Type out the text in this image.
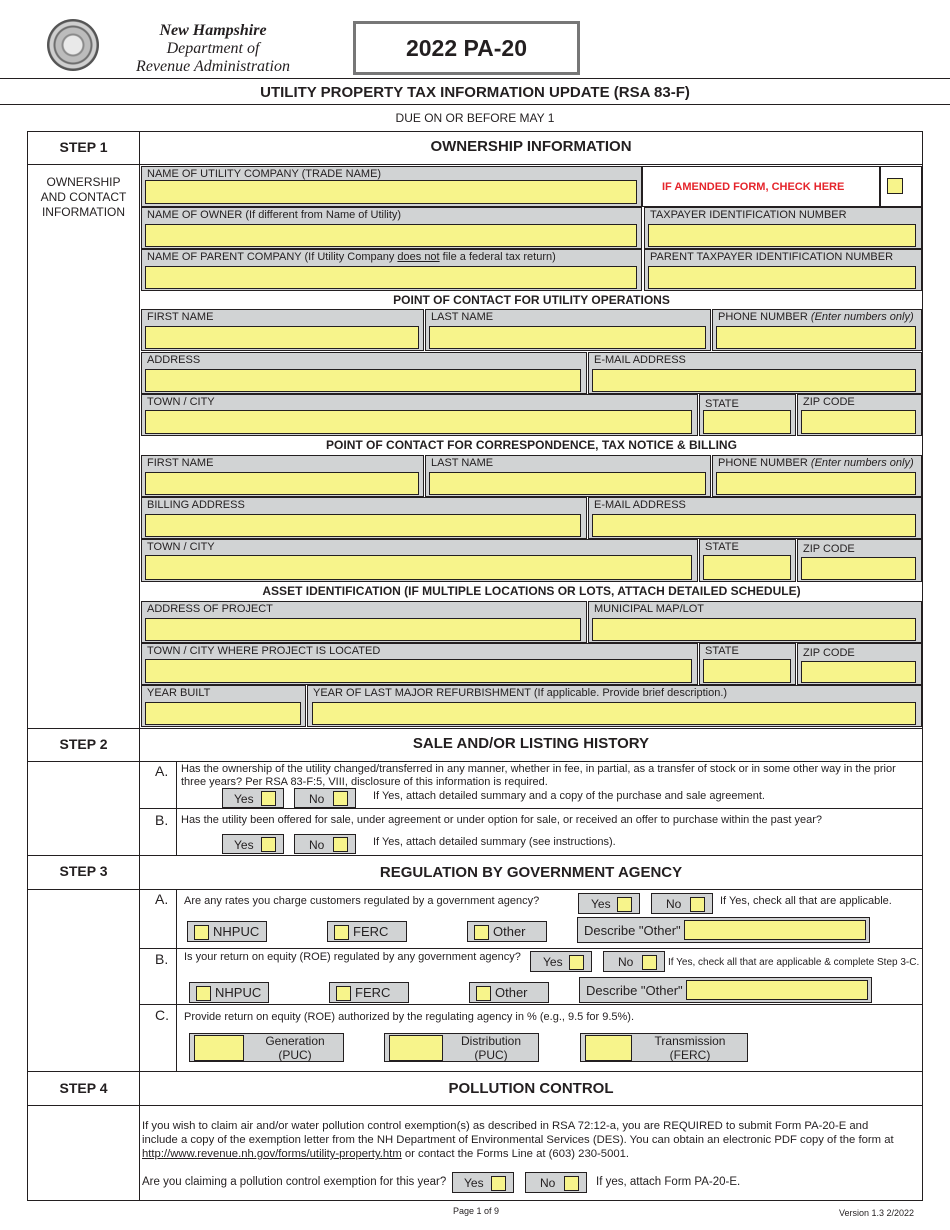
New Hampshire
Department of
Revenue Administration
2022 PA-20
UTILITY PROPERTY TAX INFORMATION UPDATE (RSA 83-F)
DUE ON OR BEFORE MAY 1
STEP 1	OWNERSHIP INFORMATION
OWNERSHIP
AND CONTACT
INFORMATION
NAME OF UTILITY COMPANY (TRADE NAME)
IF AMENDED FORM, CHECK HERE
NAME OF OWNER (If different from Name of Utility)	TAXPAYER IDENTIFICATION NUMBER
NAME OF PARENT COMPANY (If Utility Company does not file a federal tax return)	PARENT TAXPAYER IDENTIFICATION NUMBER
POINT OF CONTACT FOR UTILITY OPERATIONS
FIRST NAME	LAST NAME	PHONE NUMBER (Enter numbers only)
ADDRESS	E-MAIL ADDRESS
TOWN / CITY	STATE	ZIP CODE
POINT OF CONTACT FOR CORRESPONDENCE, TAX NOTICE & BILLING
FIRST NAME	LAST NAME	PHONE NUMBER (Enter numbers only)
BILLING ADDRESS	E-MAIL ADDRESS
TOWN / CITY	STATE	ZIP CODE
ASSET IDENTIFICATION (IF MULTIPLE LOCATIONS OR LOTS, ATTACH DETAILED SCHEDULE)
ADDRESS OF PROJECT	MUNICIPAL MAP/LOT
TOWN / CITY WHERE PROJECT IS LOCATED	STATE	ZIP CODE
YEAR BUILT	YEAR OF LAST MAJOR REFURBISHMENT (If applicable. Provide brief description.)
STEP 2	SALE AND/OR LISTING HISTORY
A. Has the ownership of the utility changed/transferred in any manner, whether in fee, in partial, as a transfer of stock or in some other way in the prior
three years? Per RSA 83-F:5, VIII, disclosure of this information is required.
Yes	No	If Yes, attach detailed summary and a copy of the purchase and sale agreement.
B. Has the utility been offered for sale, under agreement or under option for sale, or received an offer to purchase within the past year?
Yes	No	If Yes, attach detailed summary (see instructions).
STEP 3	REGULATION BY GOVERNMENT AGENCY
A. Are any rates you charge customers regulated by a government agency?	Yes	No	If Yes, check all that are applicable.
NHPUC	FERC	Other	Describe "Other"
B. Is your return on equity (ROE) regulated by any government agency? Yes	No	If Yes, check all that are applicable & complete Step 3-C.
NHPUC	FERC	Other	Describe "Other"
C. Provide return on equity (ROE) authorized by the regulating agency in % (e.g., 9.5 for 9.5%).
Generation
(PUC)
Distribution
(PUC)
Transmission
(FERC)
STEP 4	POLLUTION CONTROL
If you wish to claim air and/or water pollution control exemption(s) as described in RSA 72:12-a, you are REQUIRED to submit Form PA-20-E and
include a copy of the exemption letter from the NH Department of Environmental Services (DES). You can obtain an electronic PDF copy of the form at
http://www.revenue.nh.gov/forms/utility-property.htm or contact the Forms Line at (603) 230-5001.
Are you claiming a pollution control exemption for this year? Yes	No	If yes, attach Form PA-20-E.
Page 1 of 9	Version 1.3 2/2022
